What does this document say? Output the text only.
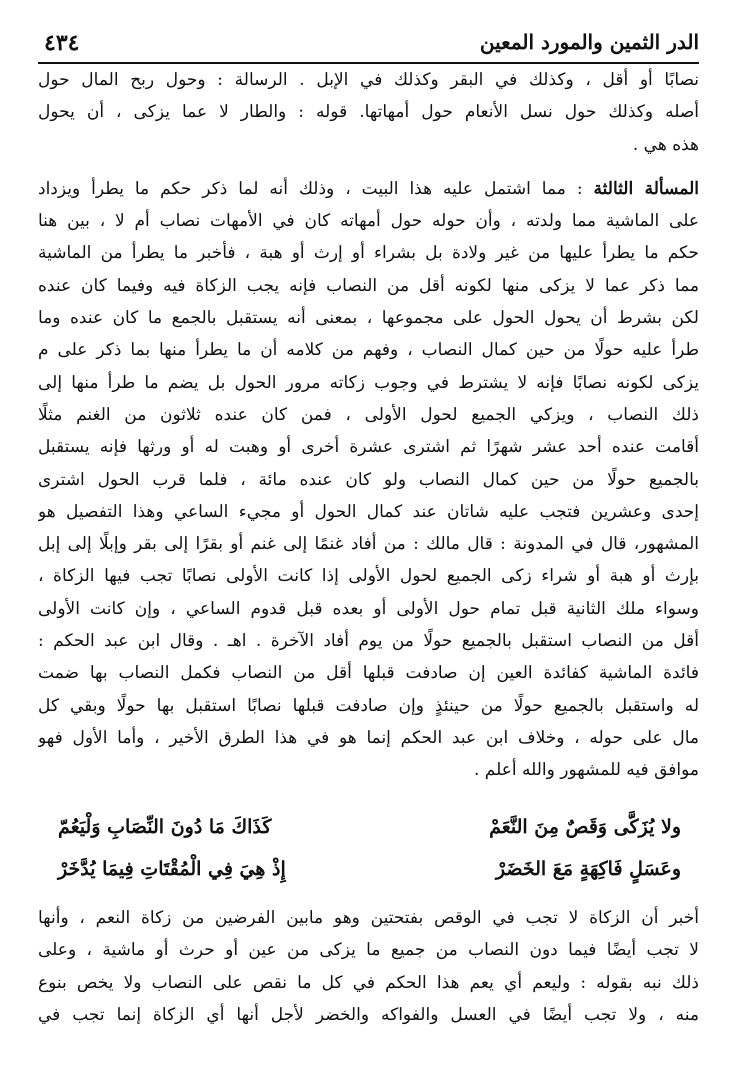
الدر الثمين والمورد المعين
٤٣٤
نصابًا أو أقل ، وكذلك في البقر وكذلك في الإبل . الرسالة : وحول ربح المال حول
أصله وكذلك حول نسل الأنعام حول أمهاتها. قوله : والطار لا عما يزكى ، أن يحول
هذه هي .
المسألة الثالثة : مما اشتمل عليه هذا البيت ، وذلك أنه لما ذكر حكم ما يطرأ ويزداد
على الماشية مما ولدته ، وأن حوله حول أمهاته كان في الأمهات نصاب أم لا ، بين هنا
حكم ما يطرأ عليها من غير ولادة بل بشراء أو إرث أو هبة ، فأخبر ما يطرأ من الماشية
مما ذكر عما لا يزكى منها لكونه أقل من النصاب فإنه يجب الزكاة فيه وفيما كان عنده
لكن بشرط أن يحول الحول على مجموعها ، بمعنى أنه يستقبل بالجمع ما كان عنده وما
طرأ عليه حولًا من حين كمال النصاب ، وفهم من كلامه أن ما يطرأ منها بما ذكر على م
يزكى لكونه نصابًا فإنه لا يشترط في وجوب زكاته مرور الحول بل يضم ما طرأ منها إلى
ذلك النصاب ، ويزكي الجميع لحول الأولى ، فمن كان عنده ثلاثون من الغنم مثلًا
أقامت عنده أحد عشر شهرًا ثم اشترى عشرة أخرى أو وهبت له أو ورثها فإنه يستقبل
بالجميع حولًا من حين كمال النصاب ولو كان عنده مائة ، فلما قرب الحول اشترى
إحدى وعشرين فتجب عليه شاتان عند كمال الحول أو مجيء الساعي وهذا التفصيل هو
المشهور، قال في المدونة : قال مالك : من أفاد غنمًا إلى غنم أو بقرًا إلى بقر وإبلًا إلى إبل
بإرث أو هبة أو شراء زكى الجميع لحول الأولى إذا كانت الأولى نصابًا تجب فيها الزكاة ،
وسواء ملك الثانية قبل تمام حول الأولى أو بعده قبل قدوم الساعي ، وإن كانت الأولى
أقل من النصاب استقبل بالجميع حولًا من يوم أفاد الآخرة . اهـ . وقال ابن عبد الحكم :
فائدة الماشية كفائدة العين إن صادفت قبلها أقل من النصاب فكمل النصاب بها ضمت
له واستقبل بالجميع حولًا من حينئذٍ وإن صادفت قبلها نصابًا استقبل بها حولًا وبقي كل
مال على حوله ، وخلاف ابن عبد الحكم إنما هو في هذا الطرق الأخير ، وأما الأول فهو
موافق فيه للمشهور والله أعلم .
ولا يُزَكَّى وَقَصٌ مِنَ النَّعَمْ
كَذَاكَ مَا دُونَ النِّصَابِ وَلْيَعُمّ
وعَسَلٍ فَاكِهَةٍ مَعَ الخَضَرْ
إِذْ هِيَ فِي الْمُقْتَاتِ فِيمَا يُدَّخَرْ
أخبر أن الزكاة لا تجب في الوقص بفتحتين وهو مابين الفرضين من زكاة النعم ، وأنها
لا تجب أيضًا فيما دون النصاب من جميع ما يزكى من عين أو حرث أو ماشية ، وعلى
ذلك نبه بقوله : وليعم أي يعم هذا الحكم في كل ما نقص على النصاب ولا يخص بنوع
منه ، ولا تجب أيضًا في العسل والفواكه والخضر لأجل أنها أي الزكاة إنما تجب في
